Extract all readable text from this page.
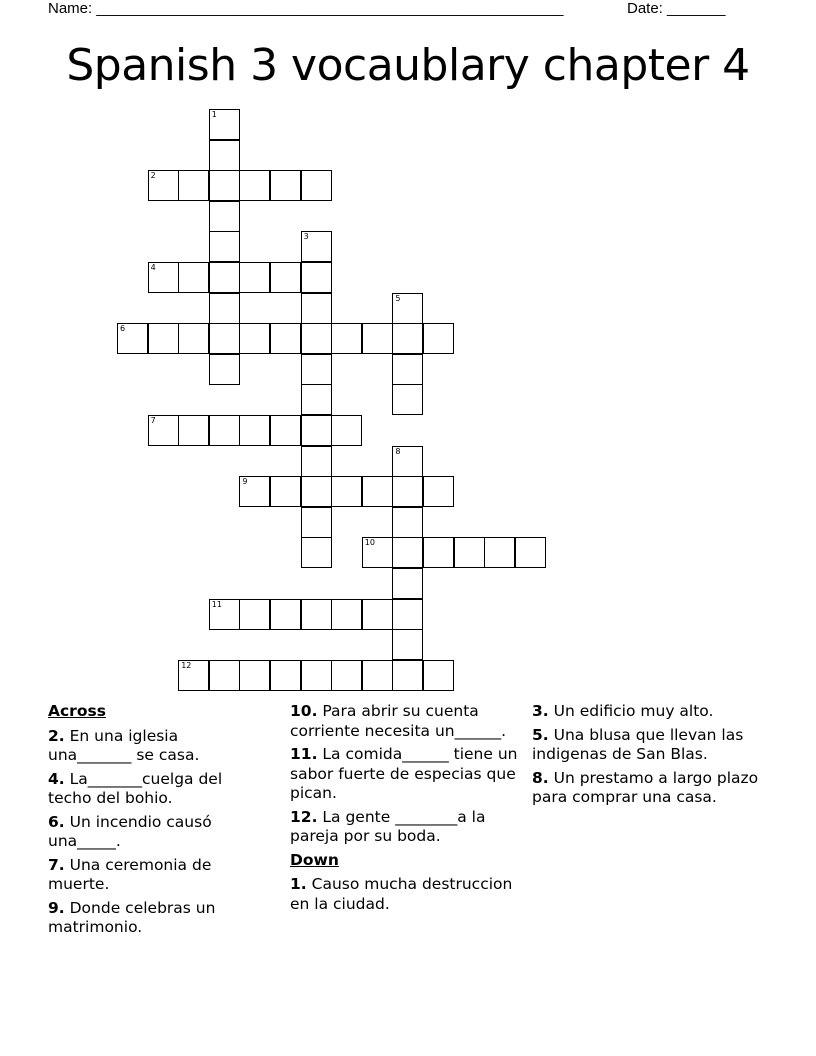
Name: ________________________________________________________	Date: _______
Spanish 3 vocaublary chapter 4
1
2
3
4
5
6
7
8
9
10
11
12
Across
2. En una iglesia una_______ se casa.
4. La_______cuelga del techo del bohio.
6. Un incendio causó una_____.
7. Una ceremonia de muerte.
9. Donde celebras un matrimonio.
10. Para abrir su cuenta corriente necesita un______.
11. La comida______ tiene un sabor fuerte de especias que pican.
12. La gente ________a la pareja por su boda.
Down
1. Causo mucha destruccion en la ciudad.
3. Un edificio muy alto.
5. Una blusa que llevan las indigenas de San Blas.
8. Un prestamo a largo plazo para comprar una casa.
